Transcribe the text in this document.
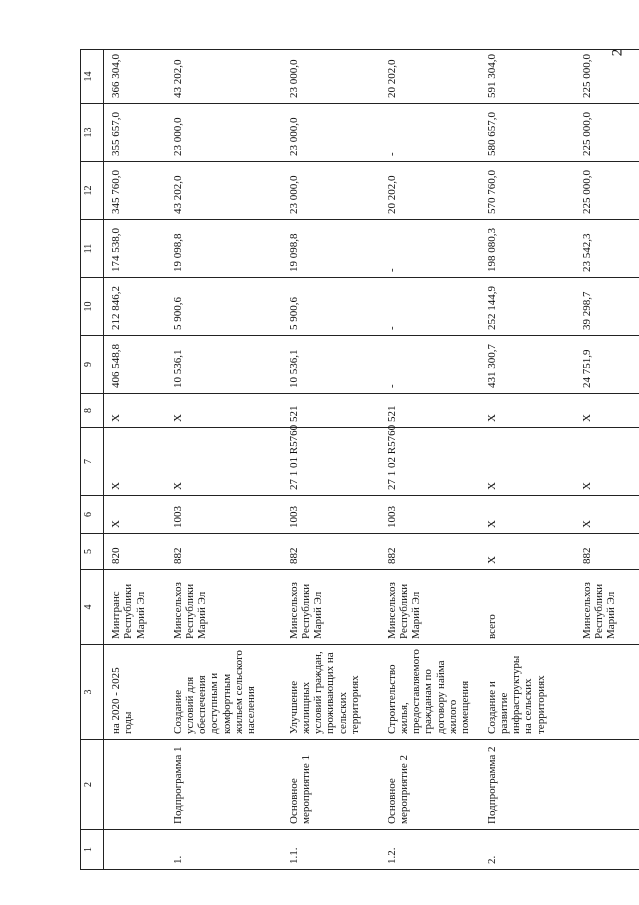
2
1	2	3	4	5	6	7	8	9	10	11	12	13	14
		на 2020 - 2025 годы	Минтранс Республики Марий Эл	820	X	X	X	406 548,8	212 846,2	174 538,0	345 760,0	355 657,0	366 304,0
1.	Подпрограмма 1	Создание условий для обеспечения доступным и комфортным жильем сельского населения	Минсельхоз Республики Марий Эл	882	1003	X	X	10 536,1	5 900,6	19 098,8	43 202,0	23 000,0	43 202,0
1.1.	Основное мероприятие 1	Улучшение жилищных условий граждан, проживающих на сельских территориях	Минсельхоз Республики Марий Эл	882	1003	27 1 01 R5760	521	10 536,1	5 900,6	19 098,8	23 000,0	23 000,0	23 000,0
1.2.	Основное мероприятие 2	Строительство жилья, предоставляемого гражданам по договору найма жилого помещения	Минсельхоз Республики Марий Эл	882	1003	27 1 02 R5760	521	-	-	-	20 202,0	-	20 202,0
2.	Подпрограмма 2	Создание и развитие инфраструктуры на сельских территориях	всего	X	X	X	X	431 300,7	252 144,9	198 080,3	570 760,0	580 657,0	591 304,0
			Минсельхоз Республики Марий Эл	882	X	X	X	24 751,9	39 298,7	23 542,3	225 000,0	225 000,0	225 000,0
